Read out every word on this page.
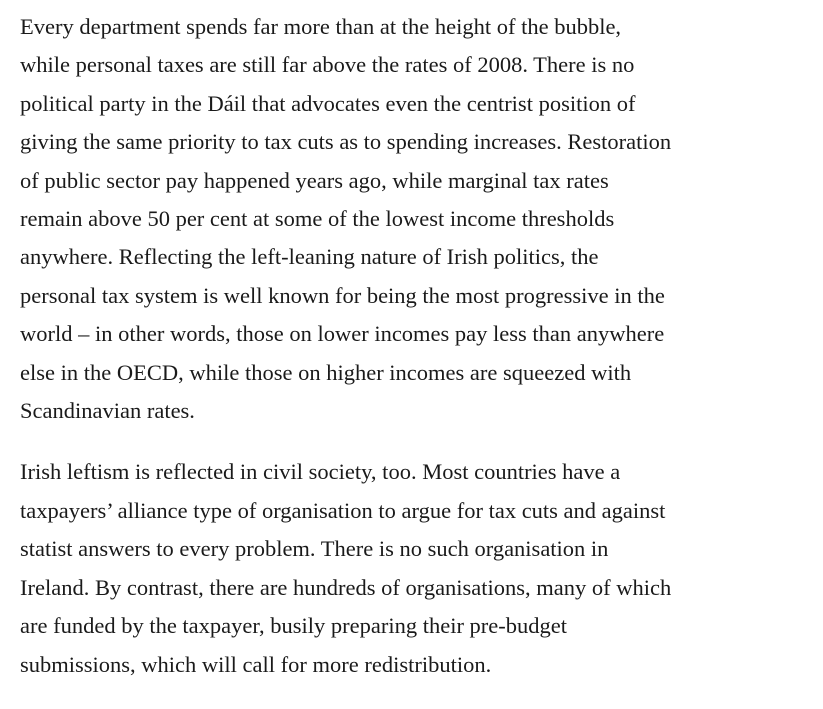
Every department spends far more than at the height of the bubble,
while personal taxes are still far above the rates of 2008. There is no
political party in the Dáil that advocates even the centrist position of
giving the same priority to tax cuts as to spending increases. Restoration
of public sector pay happened years ago, while marginal tax rates
remain above 50 per cent at some of the lowest income thresholds
anywhere. Reflecting the left-leaning nature of Irish politics, the
personal tax system is well known for being the most progressive in the
world – in other words, those on lower incomes pay less than anywhere
else in the OECD, while those on higher incomes are squeezed with
Scandinavian rates.

Irish leftism is reflected in civil society, too. Most countries have a
taxpayers’ alliance type of organisation to argue for tax cuts and against
statist answers to every problem. There is no such organisation in
Ireland. By contrast, there are hundreds of organisations, many of which
are funded by the taxpayer, busily preparing their pre-budget
submissions, which will call for more redistribution.
